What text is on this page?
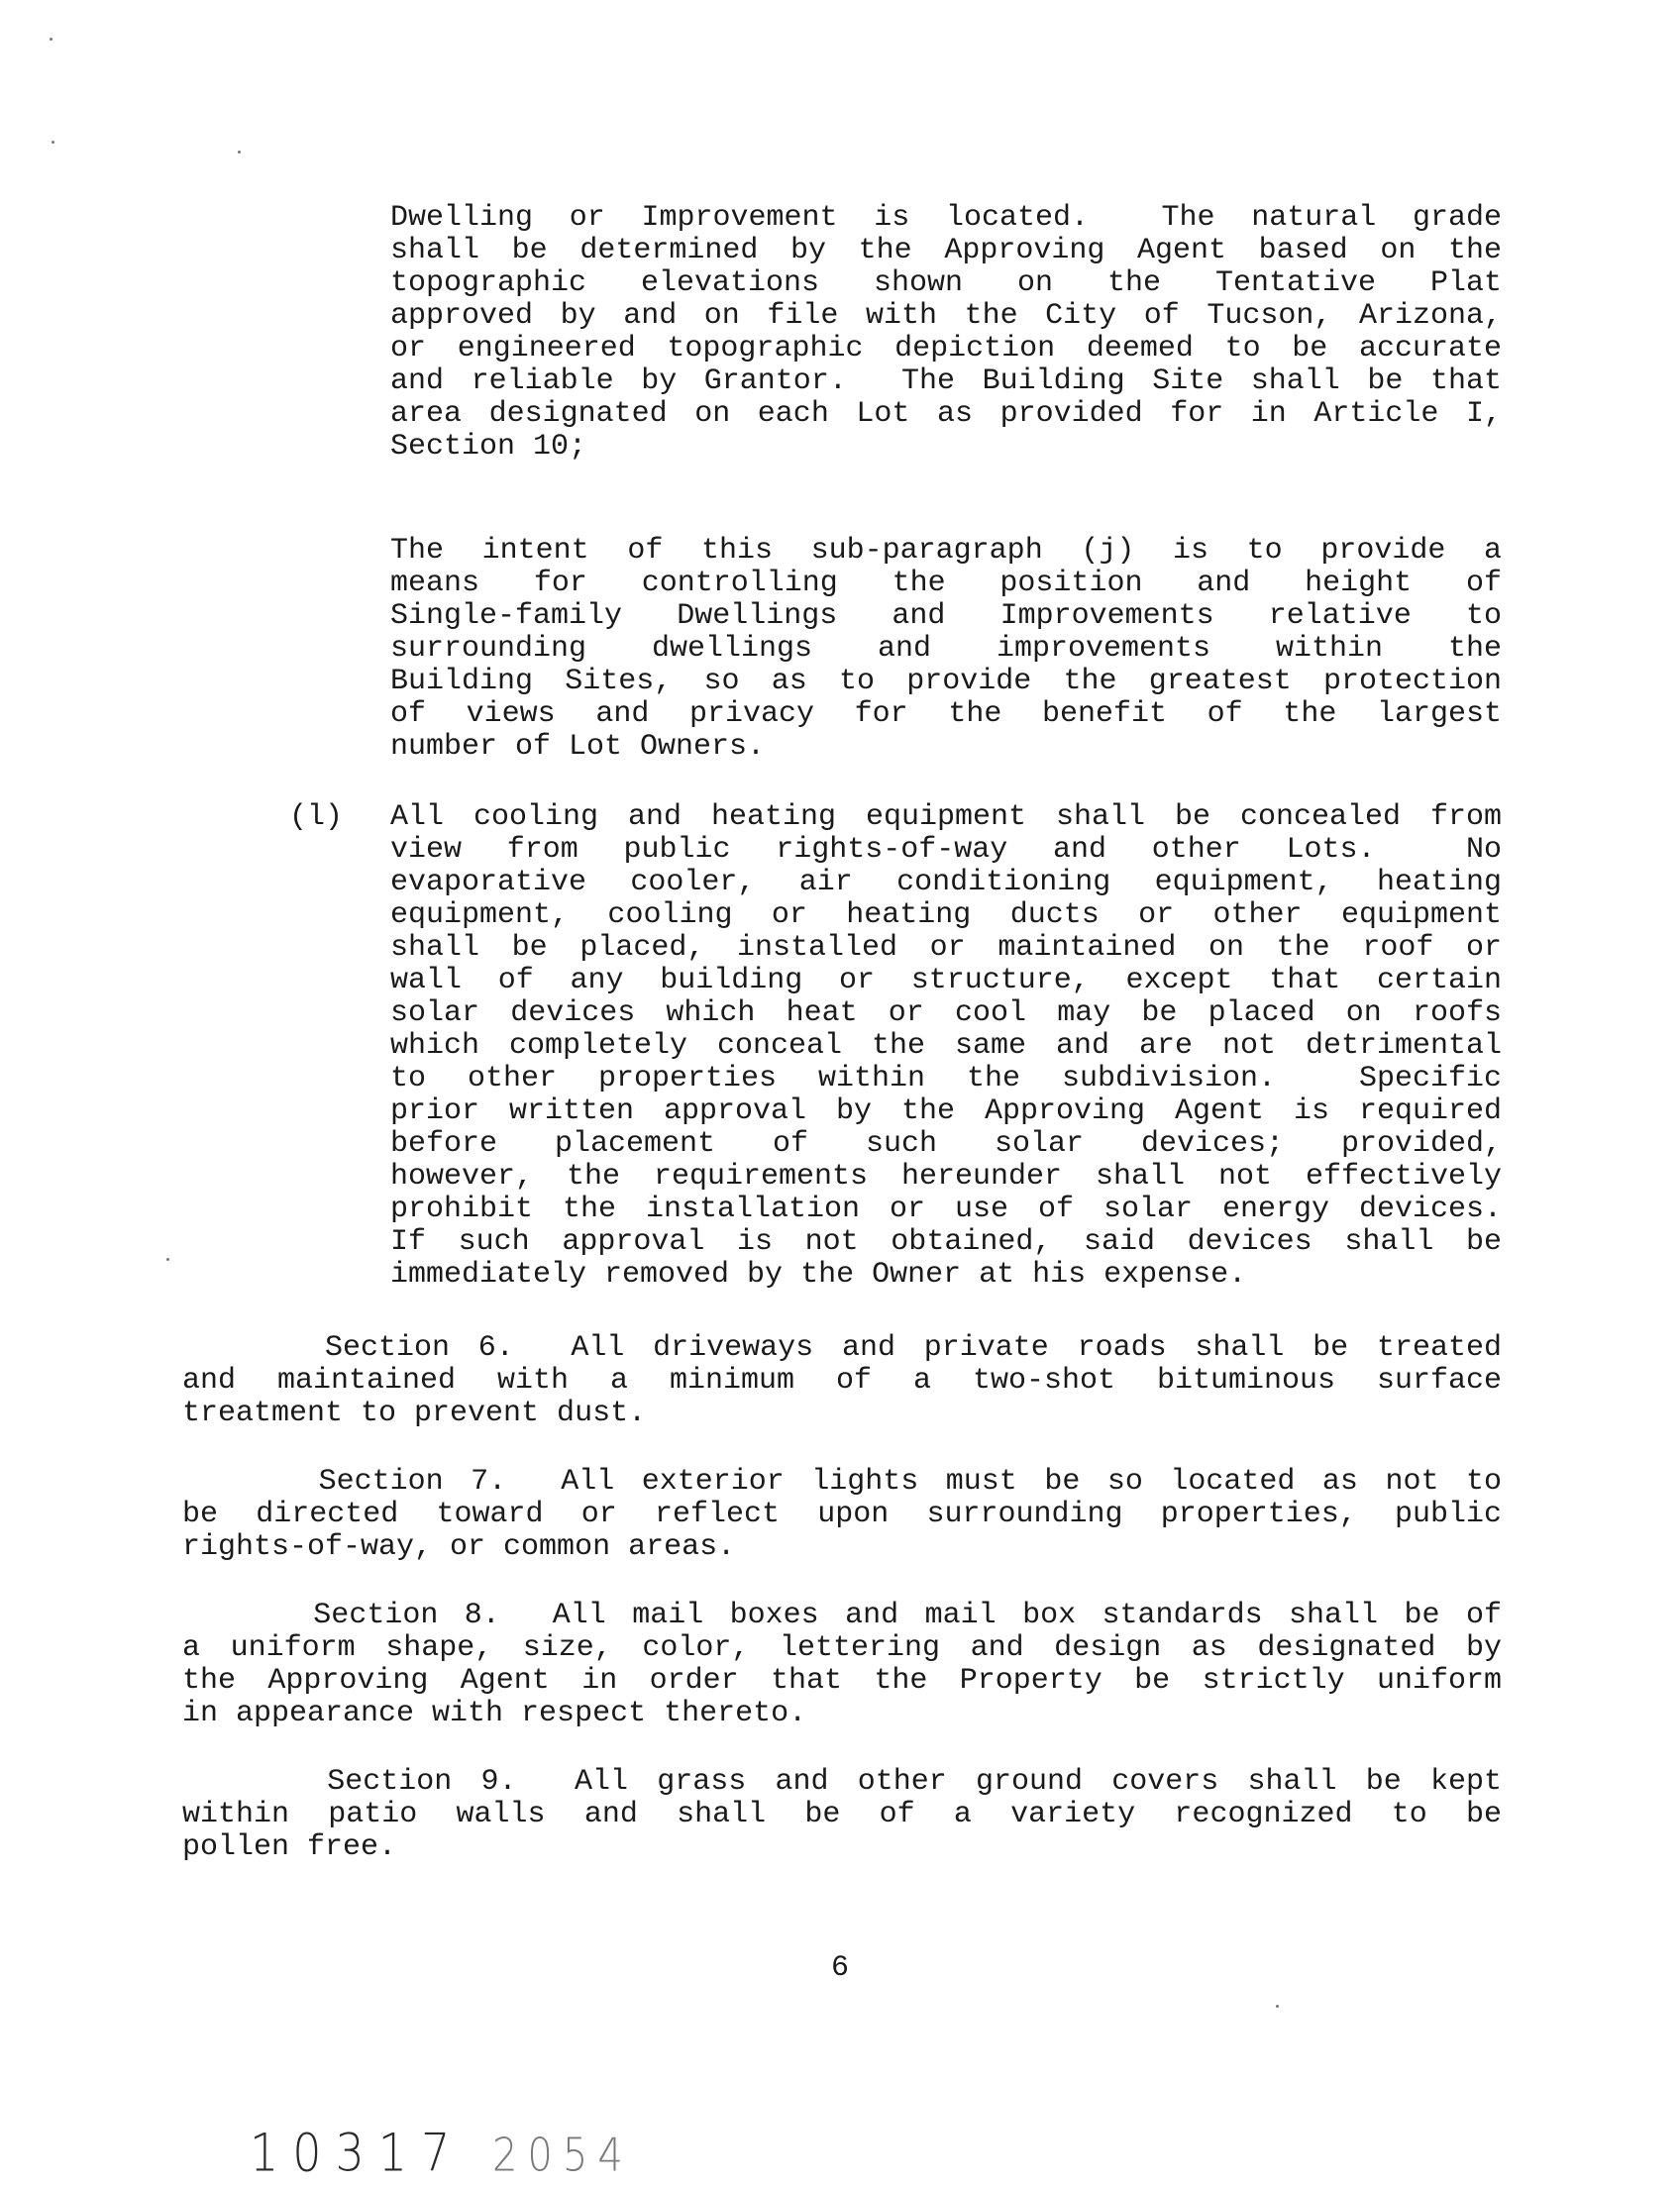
Dwelling or Improvement is located.  The natural grade
shall be determined by the Approving Agent based on the
topographic elevations shown on the Tentative Plat
approved by and on file with the City of Tucson, Arizona,
or engineered topographic depiction deemed to be accurate
and reliable by Grantor.  The Building Site shall be that
area designated on each Lot as provided for in Article I,
Section 10;
The intent of this sub-paragraph (j) is to provide a
means for controlling the position and height of
Single-family Dwellings and Improvements relative to
surrounding dwellings and improvements within the
Building Sites, so as to provide the greatest protection
of views and privacy for the benefit of the largest
number of Lot Owners.

(l) All cooling and heating equipment shall be concealed from
view from public rights-of-way and other Lots.  No
evaporative cooler, air conditioning equipment, heating
equipment, cooling or heating ducts or other equipment
shall be placed, installed or maintained on the roof or
wall of any building or structure, except that certain
solar devices which heat or cool may be placed on roofs
which completely conceal the same and are not detrimental
to other properties within the subdivision.  Specific
prior written approval by the Approving Agent is required
before placement of such solar devices; provided,
however, the requirements hereunder shall not effectively
prohibit the installation or use of solar energy devices.
If such approval is not obtained, said devices shall be
immediately removed by the Owner at his expense.
Section 6.  All driveways and private roads shall be treated
and maintained with a minimum of a two-shot bituminous surface
treatment to prevent dust.
Section 7.  All exterior lights must be so located as not to
be directed toward or reflect upon surrounding properties, public
rights-of-way, or common areas.
Section 8.  All mail boxes and mail box standards shall be of
a uniform shape, size, color, lettering and design as designated by
the Approving Agent in order that the Property be strictly uniform
in appearance with respect thereto.
Section 9.  All grass and other ground covers shall be kept
within patio walls and shall be of a variety recognized to be
pollen free.
6
10317 2054
